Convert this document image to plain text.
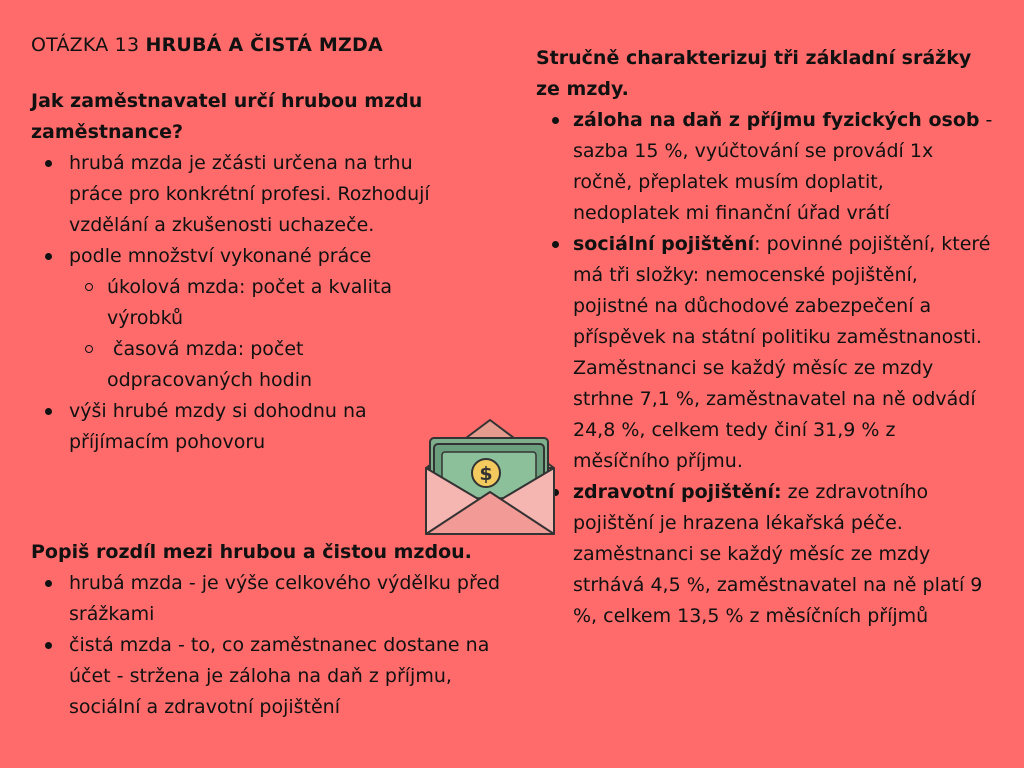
OTÁZKA 13 HRUBÁ A ČISTÁ MZDA

Jak zaměstnavatel určí hrubou mzdu zaměstnance?

hrubá mzda je zčásti určena na trhu práce pro konkrétní profesi. Rozhodují vzdělání a zkušenosti uchazeče.
podle množství vykonané práce
úkolová mzda: počet a kvalita výrobků
časová mzda: počet odpracovaných hodin
výši hrubé mzdy si dohodnu na příjímacím pohovoru

Popiš rozdíl mezi hrubou a čistou mzdou.

hrubá mzda - je výše celkového výdělku před srážkami
čistá mzda - to, co zaměstnanec dostane na účet - stržena je záloha na daň z příjmu, sociální a zdravotní pojištění

Stručně charakterizuj tři základní srážky ze mzdy.

záloha na daň z příjmu fyzických osob - sazba 15 %, vyúčtování se provádí 1x ročně, přeplatek musím doplatit, nedoplatek mi finanční úřad vrátí
sociální pojištění: povinné pojištění, které má tři složky: nemocenské pojištění, pojistné na důchodové zabezpečení a příspěvek na státní politiku zaměstnanosti. Zaměstnanci se každý měsíc ze mzdy strhne 7,1 %, zaměstnavatel na ně odvádí 24,8 %, celkem tedy činí 31,9 % z měsíčního příjmu.
zdravotní pojištění: ze zdravotního pojištění je hrazena lékařská péče. zaměstnanci se každý měsíc ze mzdy strhává 4,5 %, zaměstnavatel na ně platí 9 %, celkem 13,5 % z měsíčních příjmů
$
